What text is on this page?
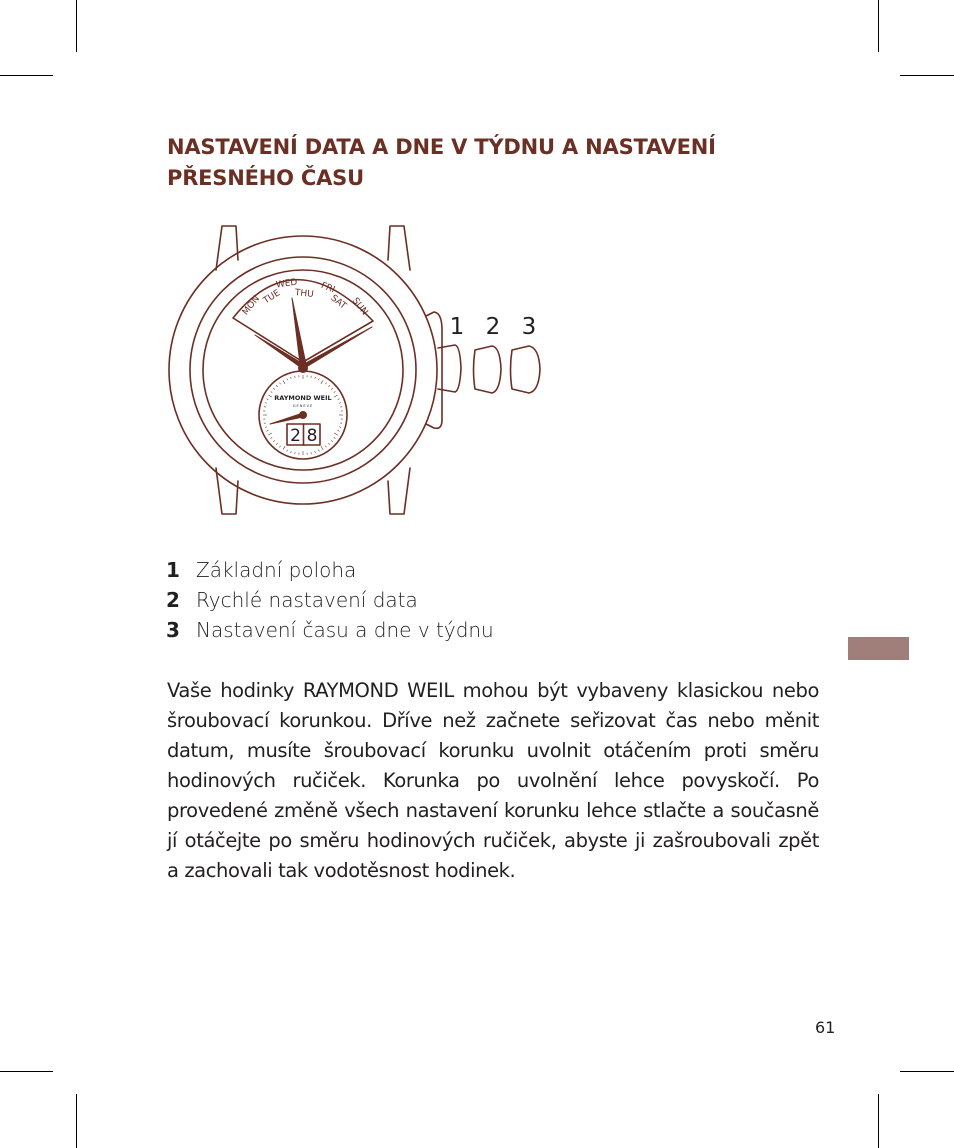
NASTAVENÍ DATA A DNE V TÝDNU A NASTAVENÍ
PŘESNÉHO ČASU
MON TUE
WED
THU FRI
SAT SUN
RAYMOND WEIL
GENEVE
2 8
1 2 3
1 Základní poloha
2 Rychlé nastavení data
3 Nastavení času a dne v týdnu

Vaše hodinky RAYMOND WEIL mohou být vybaveny klasickou nebo šroubovací korunkou. Dříve než začnete seřizovat čas nebo měnit datum, musíte šroubovací korunku uvolnit otáčením proti směru hodinových ručiček. Korunka po uvolnění lehce povyskočí. Po provedené změně všech nastavení korunku lehce stlačte a současně jí otáčejte po směru hodinových ručiček, abyste ji zašroubovali zpět a zachovali tak vodotěsnost hodinek.

61
